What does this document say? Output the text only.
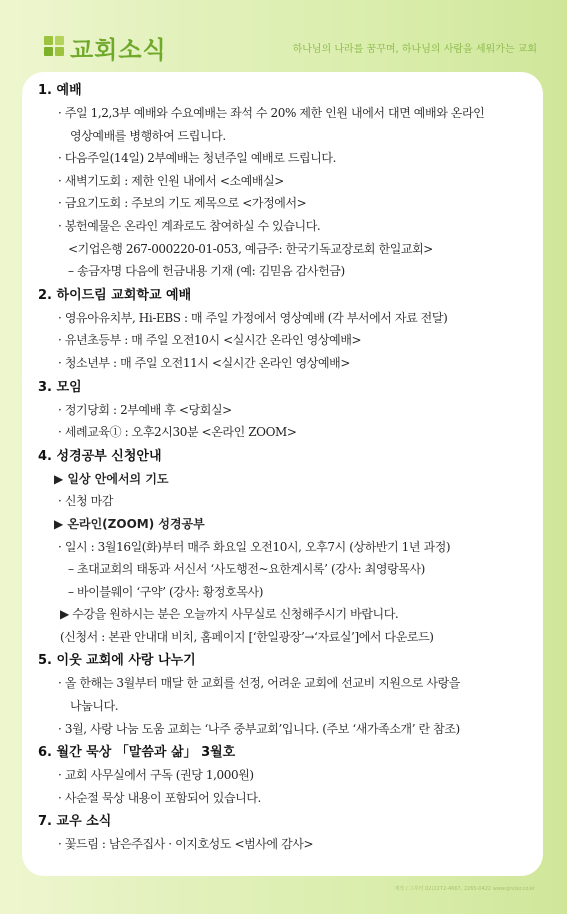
교회소식	하나님의 나라를 꿈꾸며, 하나님의 사람을 세워가는 교회
1. 예배
· 주일 1,2,3부 예배와 수요예배는 좌석 수 20% 제한 인원 내에서 대면 예배와 온라인
영상예배를 병행하여 드립니다.
· 다음주일(14일) 2부예배는 청년주일 예배로 드립니다.
· 새벽기도회 : 제한 인원 내에서 <소예배실>
· 금요기도회 : 주보의 기도 제목으로 <가정에서>
· 봉헌예물은 온라인 계좌로도 참여하실 수 있습니다.
<기업은행 267-000220-01-053, 예금주: 한국기독교장로회 한일교회>
– 송금자명 다음에 헌금내용 기재 (예: 김믿음 감사헌금)
2. 하이드림 교회학교 예배
· 영유아유치부, Hi-EBS : 매 주일 가정에서 영상예배 (각 부서에서 자료 전달)
· 유년초등부 : 매 주일 오전10시 <실시간 온라인 영상예배>
· 청소년부 : 매 주일 오전11시 <실시간 온라인 영상예배>
3. 모임
· 정기당회 : 2부예배 후 <당회실>
· 세례교육① : 오후2시30분 <온라인 ZOOM>
4. 성경공부 신청안내
▶ 일상 안에서의 기도
· 신청 마감
▶ 온라인(ZOOM) 성경공부
· 일시 : 3월16일(화)부터 매주 화요일 오전10시, 오후7시 (상하반기 1년 과정)
– 초대교회의 태동과 서신서 ‘사도행전~요한계시록’ (강사: 최영랑목사)
– 바이블웨이 ‘구약’ (강사: 황정호목사)
▶ 수강을 원하시는 분은 오늘까지 사무실로 신청해주시기 바랍니다.
(신청서 : 본관 안내대 비치, 홈페이지 [‘한일광장’→‘자료실’]에서 다운로드)
5. 이웃 교회에 사랑 나누기
· 올 한해는 3월부터 매달 한 교회를 선정, 어려운 교회에 선교비 지원으로 사랑을
나눕니다.
· 3월, 사랑 나눔 도움 교회는 ‘나주 중부교회’입니다. (주보 ‘새가족소개’ 란 참조)
6. 월간 묵상 「말씀과 삶」 3월호
· 교회 사무실에서 구독 (권당 1,000원)
· 사순절 묵상 내용이 포함되어 있습니다.
7. 교우 소식
· 꽃드림 : 남은주집사 · 이지호성도 <범사에 감사>
제작 / 그루터 02)2272-4667, 2265-0422 www.gruter.co.kr
